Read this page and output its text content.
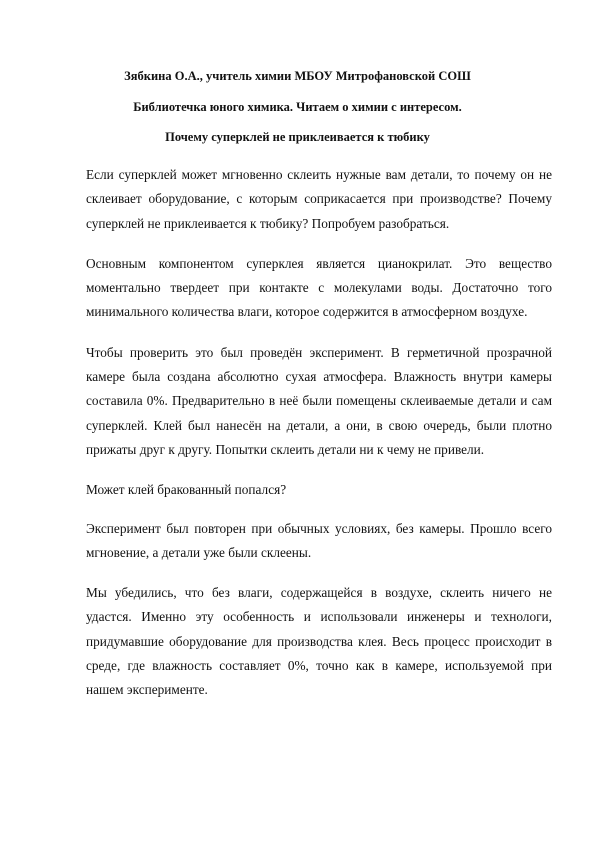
Зябкина О.А., учитель химии МБОУ Митрофановской СОШ
Библиотечка юного химика. Читаем о химии с интересом.
Почему суперклей не приклеивается к тюбику

Если суперклей может мгновенно склеить нужные вам детали, то почему он не склеивает оборудование, с которым соприкасается при производстве? Почему суперклей не приклеивается к тюбику? Попробуем разобраться.

Основным компонентом суперклея является цианокрилат. Это вещество моментально твердеет при контакте с молекулами воды. Достаточно того минимального количества влаги, которое содержится в атмосферном воздухе.

Чтобы проверить это был проведён эксперимент. В герметичной прозрачной камере была создана абсолютно сухая атмосфера. Влажность внутри камеры составила 0%. Предварительно в неё были помещены склеиваемые детали и сам суперклей. Клей был нанесён на детали, а они, в свою очередь, были плотно прижаты друг к другу. Попытки склеить детали ни к чему не привели.

Может клей бракованный попался?

Эксперимент был повторен при обычных условиях, без камеры. Прошло всего мгновение, а детали уже были склеены.

Мы убедились, что без влаги, содержащейся в воздухе, склеить ничего не удастся. Именно эту особенность и использовали инженеры и технологи, придумавшие оборудование для производства клея. Весь процесс происходит в среде, где влажность составляет 0%, точно как в камере, используемой при нашем эксперименте.
